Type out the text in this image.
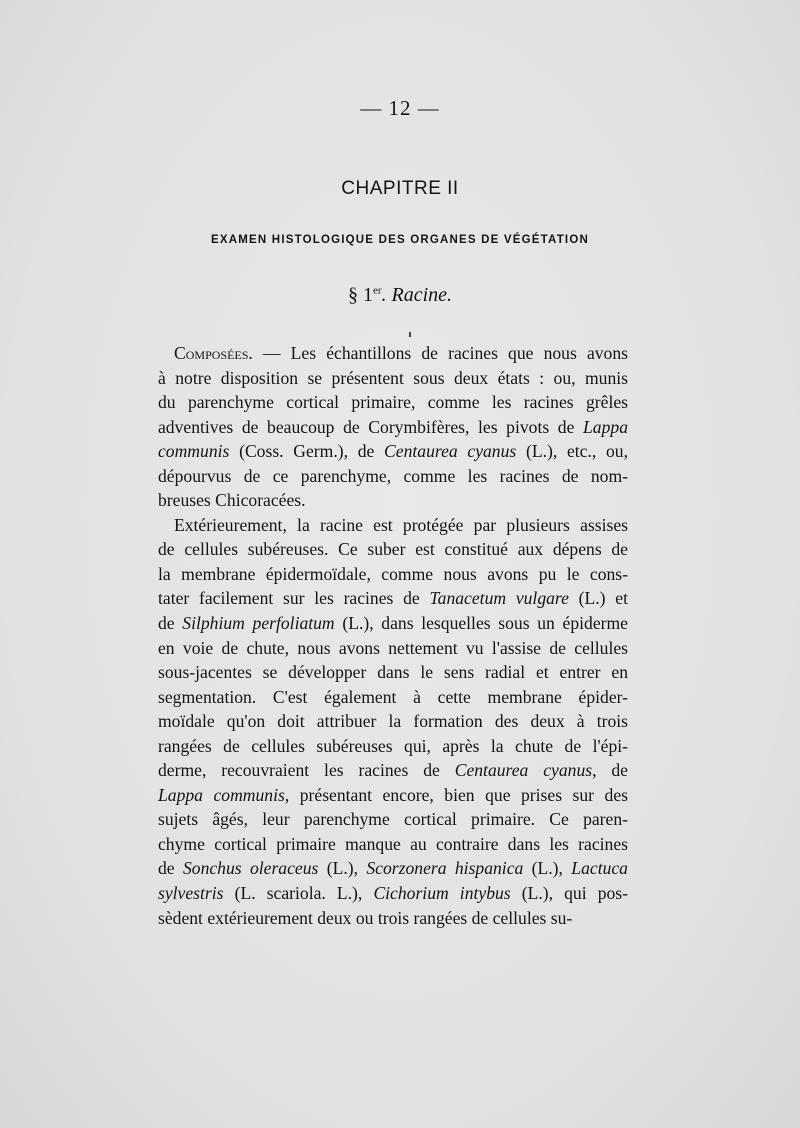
— 12 —
CHAPITRE II
EXAMEN HISTOLOGIQUE DES ORGANES DE VÉGÉTATION
§ 1er. Racine.
Composées. — Les échantillons de racines que nous avons
à notre disposition se présentent sous deux états : ou, munis
du parenchyme cortical primaire, comme les racines grêles
adventives de beaucoup de Corymbifères, les pivots de Lappa
communis (Coss. Germ.), de Centaurea cyanus (L.), etc., ou,
dépourvus de ce parenchyme, comme les racines de nom-
breuses Chicoracées.
Extérieurement, la racine est protégée par plusieurs assises
de cellules subéreuses. Ce suber est constitué aux dépens de
la membrane épidermoïdale, comme nous avons pu le cons-
tater facilement sur les racines de Tanacetum vulgare (L.) et
de Silphium perfoliatum (L.), dans lesquelles sous un épiderme
en voie de chute, nous avons nettement vu l'assise de cellules
sous-jacentes se développer dans le sens radial et entrer en
segmentation. C'est également à cette membrane épider-
moïdale qu'on doit attribuer la formation des deux à trois
rangées de cellules subéreuses qui, après la chute de l'épi-
derme, recouvraient les racines de Centaurea cyanus, de
Lappa communis, présentant encore, bien que prises sur des
sujets âgés, leur parenchyme cortical primaire. Ce paren-
chyme cortical primaire manque au contraire dans les racines
de Sonchus oleraceus (L.), Scorzonera hispanica (L.), Lactuca
sylvestris (L. scariola. L.), Cichorium intybus (L.), qui pos-
sèdent extérieurement deux ou trois rangées de cellules su-
